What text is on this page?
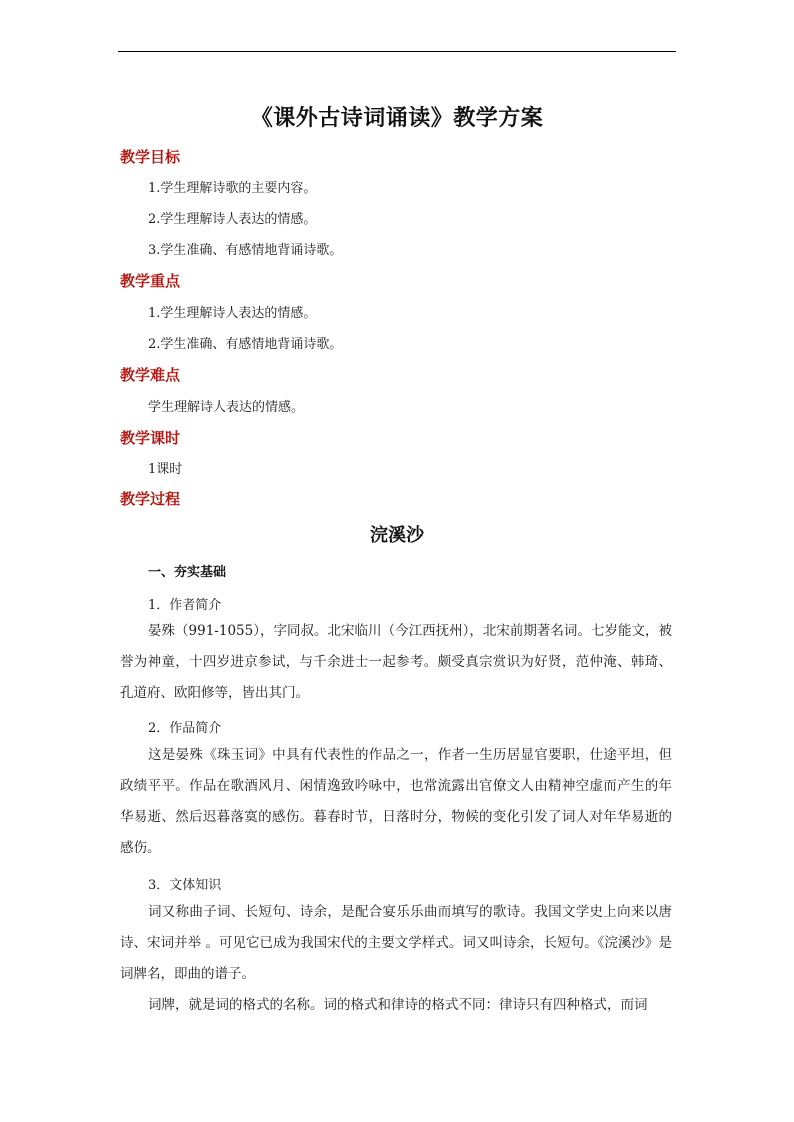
《课外古诗词诵读》教学方案
教学目标
1.学生理解诗歌的主要内容。
2.学生理解诗人表达的情感。
3.学生准确、有感情地背诵诗歌。
教学重点
1.学生理解诗人表达的情感。
2.学生准确、有感情地背诵诗歌。
教学难点
学生理解诗人表达的情感。
教学课时
1课时
教学过程
浣溪沙
一、夯实基础
1．作者简介

晏殊（991-1055），字同叔。北宋临川（今江西抚州），北宋前期著名词。七岁能文，被誉为神童，十四岁进京参试，与千余进士一起参考。颇受真宗赏识为好贤，范仲淹、韩琦、孔道府、欧阳修等，皆出其门。

2．作品简介

这是晏殊《珠玉词》中具有代表性的作品之一，作者一生历居显官要职，仕途平坦，但政绩平平。作品在歌酒风月、闲情逸致吟咏中，也常流露出官僚文人由精神空虚而产生的年华易逝、然后迟暮落寞的感伤。暮春时节，日落时分，物候的变化引发了词人对年华易逝的感伤。

3．文体知识

词又称曲子词、长短句、诗余，是配合宴乐乐曲而填写的歌诗。我国文学史上向来以唐诗、宋词并举 。可见它已成为我国宋代的主要文学样式。词又叫诗余，长短句。《浣溪沙》是词牌名，即曲的谱子。

词牌，就是词的格式的名称。词的格式和律诗的格式不同：律诗只有四种格式，而词
